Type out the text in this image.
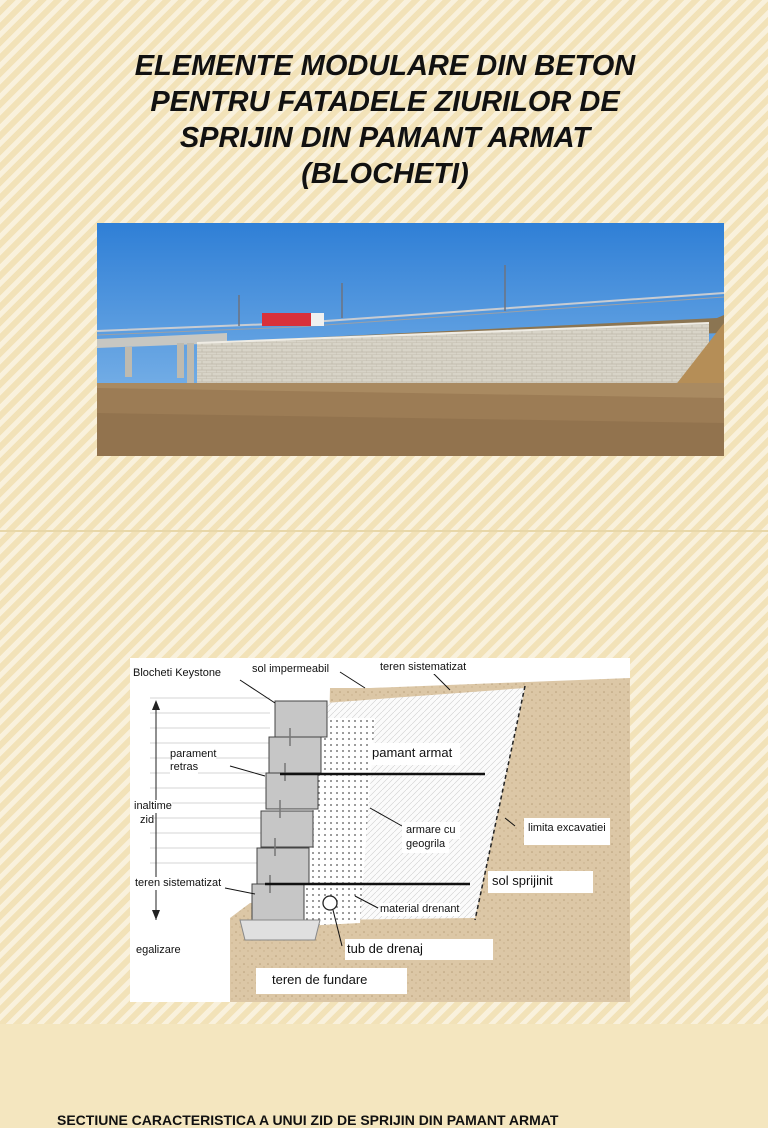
ELEMENTE MODULARE DIN BETON
PENTRU FATADELE ZIURILOR DE
SPRIJIN DIN PAMANT ARMAT
(BLOCHETI)

SECTIUNE CARACTERISTICA A UNUI ZID DE SPRIJIN DIN PAMANT ARMAT

Blocheti Keystone	sol impermeabil	teren sistematizat
parament
retras
pamant armat
inaltime
zid
armare cu
geogrila
limita excavatiei
teren sistematizat	sol sprijinit
material drenant
egalizare	tub de drenaj
teren de fundare
